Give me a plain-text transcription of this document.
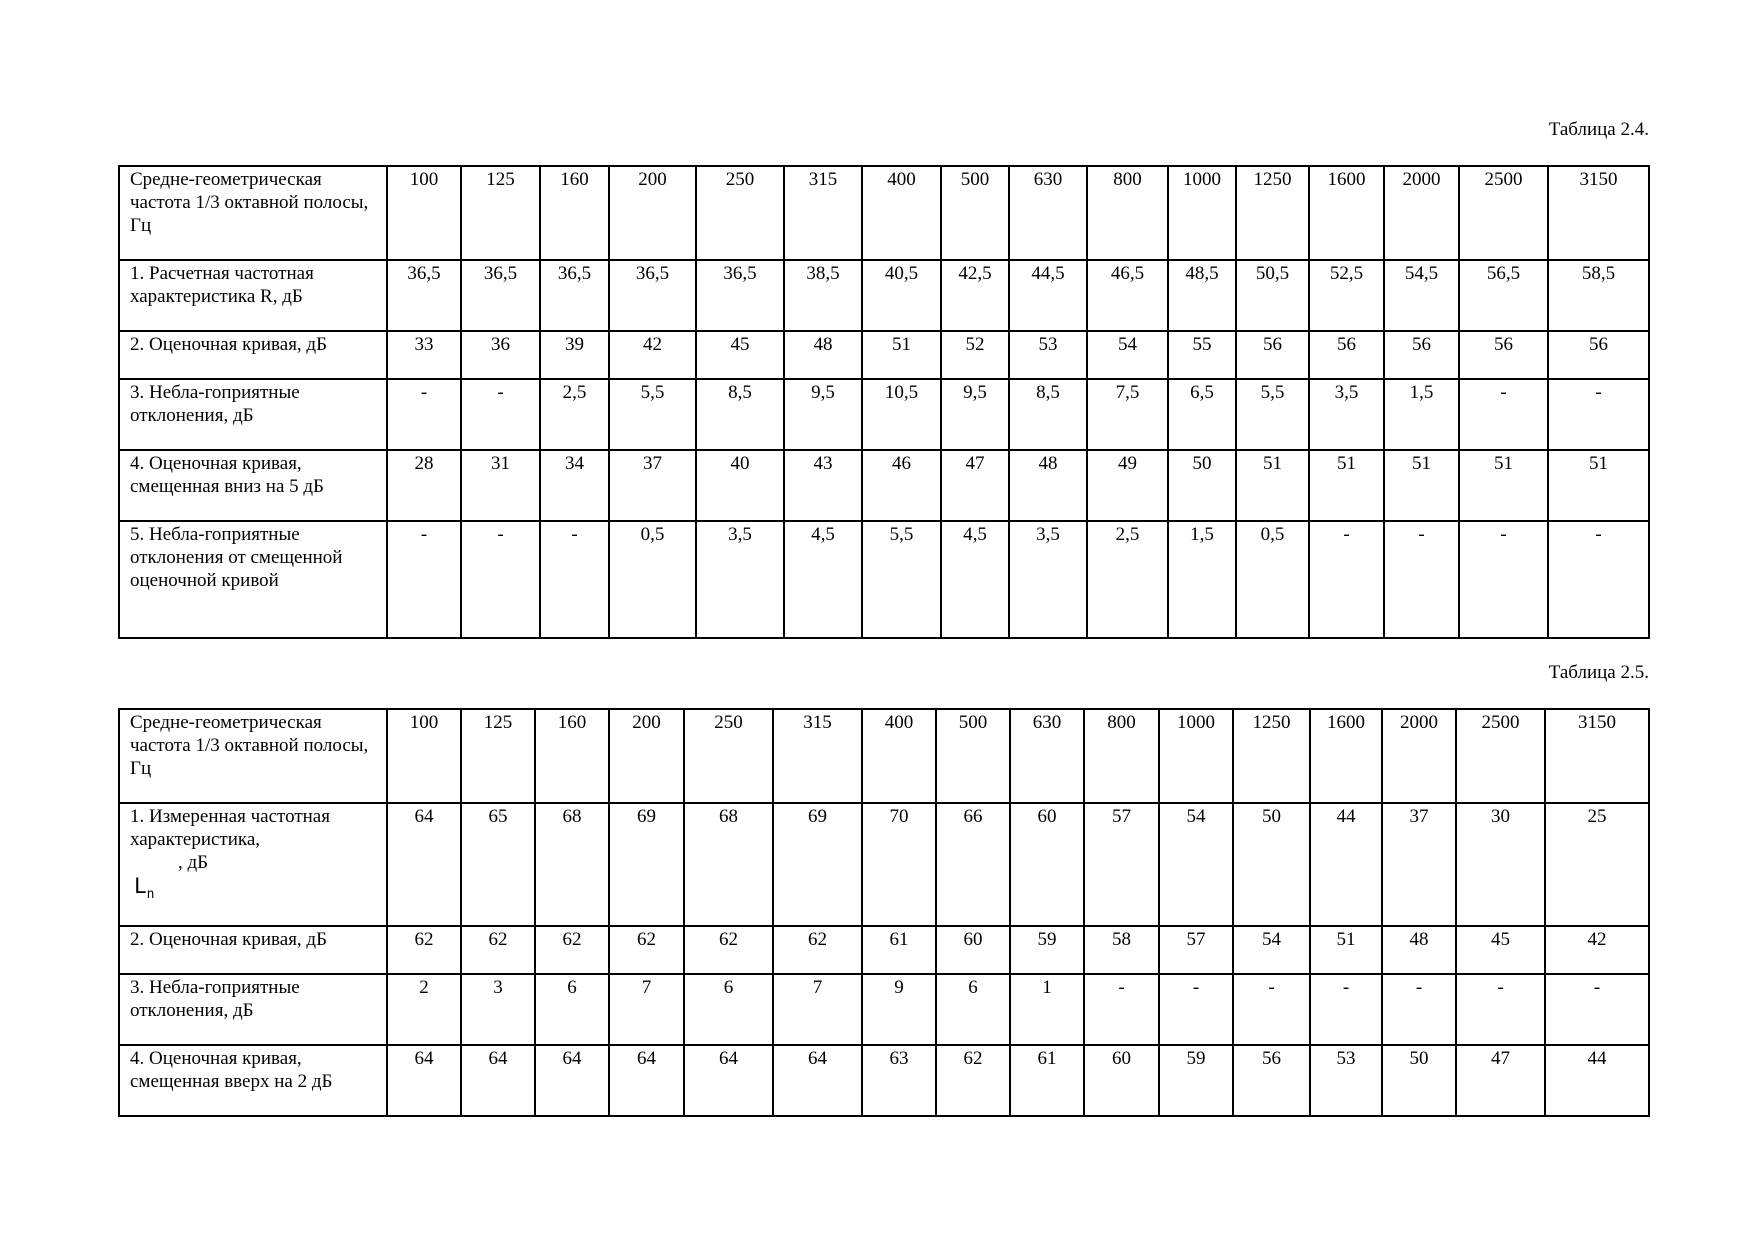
Таблица 2.4.
Средне-геометрическая частота 1/3 октавной полосы, Гц	100	125	160	200	250	315	400	500	630	800	1000	1250	1600	2000	2500	3150
1. Расчетная частотная характеристика R, дБ	36,5	36,5	36,5	36,5	36,5	38,5	40,5	42,5	44,5	46,5	48,5	50,5	52,5	54,5	56,5	58,5
2. Оценочная кривая, дБ	33	36	39	42	45	48	51	52	53	54	55	56	56	56	56	56
3. Небла-гоприятные отклонения, дБ	-	-	2,5	5,5	8,5	9,5	10,5	9,5	8,5	7,5	6,5	5,5	3,5	1,5	-	-
4. Оценочная кривая, смещенная вниз на 5 дБ	28	31	34	37	40	43	46	47	48	49	50	51	51	51	51	51
5. Небла-гоприятные отклонения от смещенной оценочной кривой	-	-	-	0,5	3,5	4,5	5,5	4,5	3,5	2,5	1,5	0,5	-	-	-	-
Таблица 2.5.
Средне-геометрическая частота 1/3 октавной полосы, Гц	100	125	160	200	250	315	400	500	630	800	1000	1250	1600	2000	2500	3150
1. Измеренная частотная характеристика,
, дБ
$L_n$	64	65	68	69	68	69	70	66	60	57	54	50	44	37	30	25
2. Оценочная кривая, дБ	62	62	62	62	62	62	61	60	59	58	57	54	51	48	45	42
3. Небла-гоприятные отклонения, дБ	2	3	6	7	6	7	9	6	1	-	-	-	-	-	-	-
4. Оценочная кривая, смещенная вверх на 2 дБ	64	64	64	64	64	64	63	62	61	60	59	56	53	50	47	44
